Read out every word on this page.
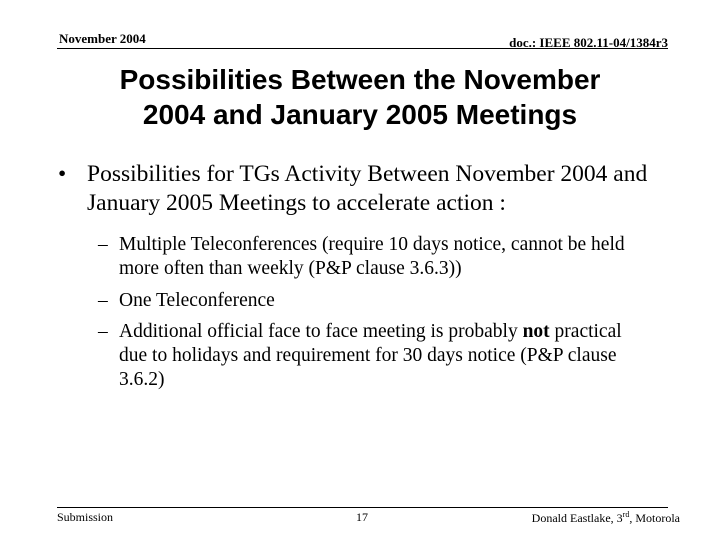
November 2004	doc.: IEEE 802.11-04/1384r3
Possibilities Between the November
2004 and January 2005 Meetings
• Possibilities for TGs Activity Between November 2004 and January 2005 Meetings to accelerate action :
– Multiple Teleconferences (require 10 days notice, cannot be held more often than weekly (P&P clause 3.6.3))
– One Teleconference
– Additional official face to face meeting is probably not practical due to holidays and requirement for 30 days notice (P&P clause 3.6.2)
Submission	17	Donald Eastlake, 3rd, Motorola
